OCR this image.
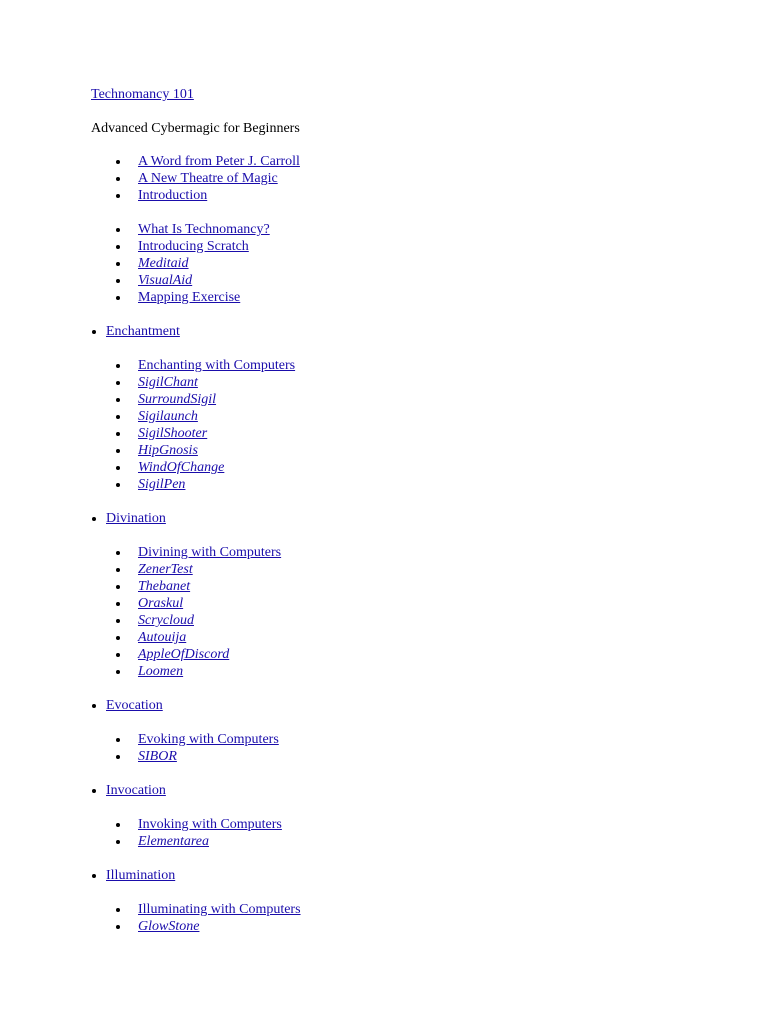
Technomancy 101
Advanced Cybermagic for Beginners
A Word from Peter J. Carroll
A New Theatre of Magic
Introduction
What Is Technomancy?
Introducing Scratch
Meditaid
VisualAid
Mapping Exercise
Enchantment
Enchanting with Computers
SigilChant
SurroundSigil
Sigilaunch
SigilShooter
HipGnosis
WindOfChange
SigilPen
Divination
Divining with Computers
ZenerTest
Thebanet
Oraskul
Scrycloud
Autouija
AppleOfDiscord
Loomen
Evocation
Evoking with Computers
SIBOR
Invocation
Invoking with Computers
Elementarea
Illumination
Illuminating with Computers
GlowStone
